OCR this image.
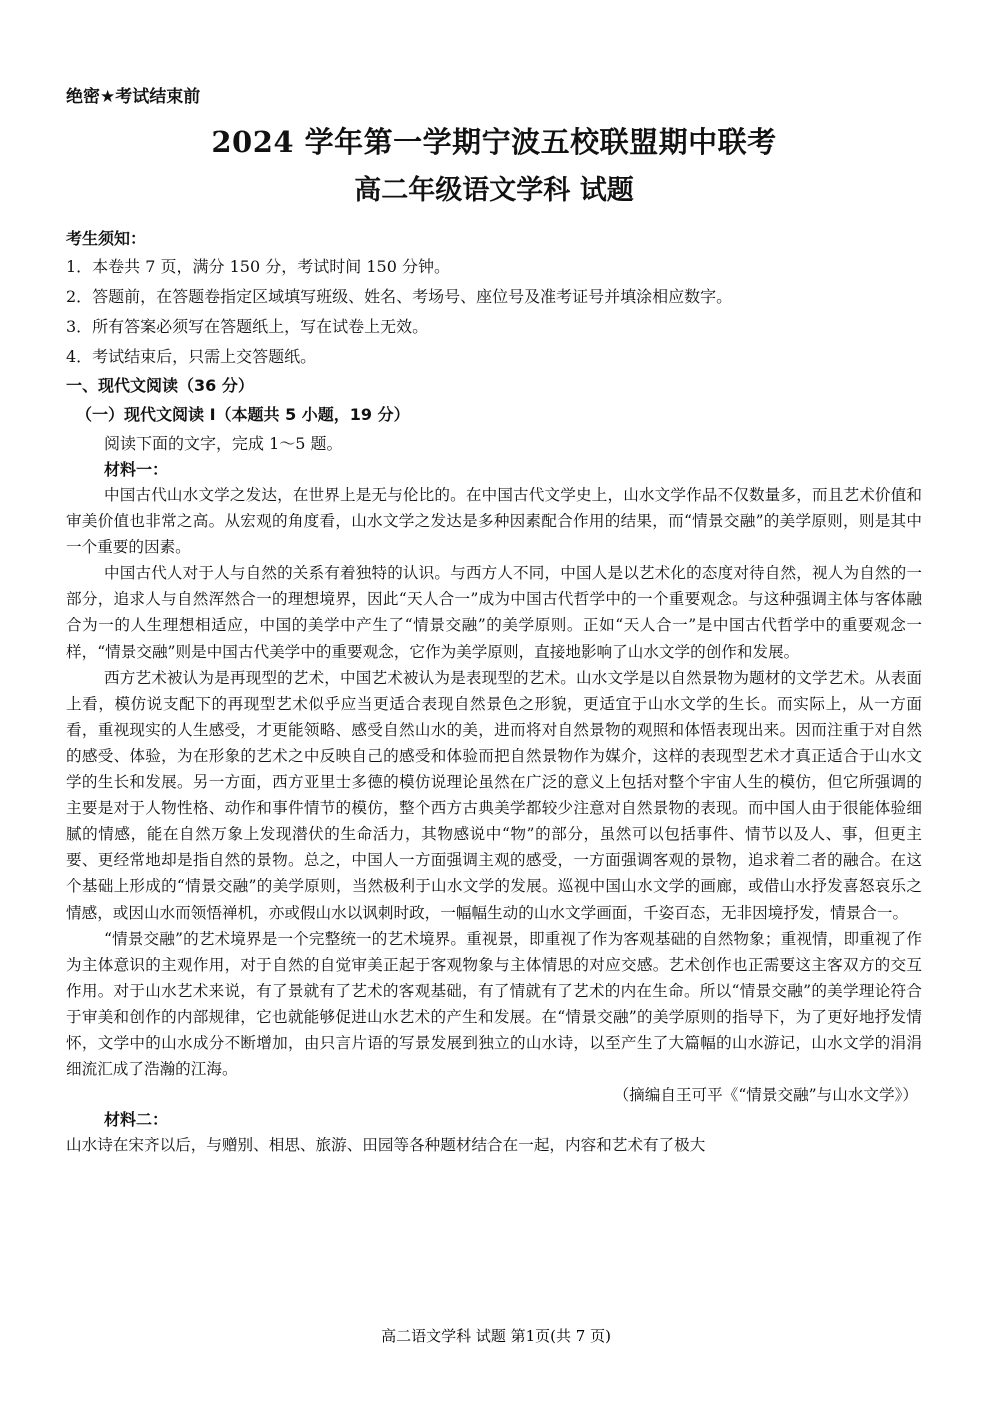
绝密★考试结束前
2024 学年第一学期宁波五校联盟期中联考
高二年级语文学科 试题
考生须知：
1．本卷共 7 页，满分 150 分，考试时间 150 分钟。
2．答题前，在答题卷指定区域填写班级、姓名、考场号、座位号及准考证号并填涂相应数字。
3．所有答案必须写在答题纸上，写在试卷上无效。
4．考试结束后，只需上交答题纸。
一、现代文阅读（36 分）
（一）现代文阅读 I（本题共 5 小题，19 分）
阅读下面的文字，完成 1～5 题。
材料一：

中国古代山水文学之发达，在世界上是无与伦比的。在中国古代文学史上，山水文学作品不仅数量多，而且艺术价值和审美价值也非常之高。从宏观的角度看，山水文学之发达是多种因素配合作用的结果，而“情景交融”的美学原则，则是其中一个重要的因素。

中国古代人对于人与自然的关系有着独特的认识。与西方人不同，中国人是以艺术化的态度对待自然，视人为自然的一部分，追求人与自然浑然合一的理想境界，因此“天人合一”成为中国古代哲学中的一个重要观念。与这种强调主体与客体融合为一的人生理想相适应，中国的美学中产生了“情景交融”的美学原则。正如“天人合一”是中国古代哲学中的重要观念一样，“情景交融”则是中国古代美学中的重要观念，它作为美学原则，直接地影响了山水文学的创作和发展。

西方艺术被认为是再现型的艺术，中国艺术被认为是表现型的艺术。山水文学是以自然景物为题材的文学艺术。从表面上看，模仿说支配下的再现型艺术似乎应当更适合表现自然景色之形貌，更适宜于山水文学的生长。而实际上，从一方面看，重视现实的人生感受，才更能领略、感受自然山水的美，进而将对自然景物的观照和体悟表现出来。因而注重于对自然的感受、体验，为在形象的艺术之中反映自己的感受和体验而把自然景物作为媒介，这样的表现型艺术才真正适合于山水文学的生长和发展。另一方面，西方亚里士多德的模仿说理论虽然在广泛的意义上包括对整个宇宙人生的模仿，但它所强调的主要是对于人物性格、动作和事件情节的模仿，整个西方古典美学都较少注意对自然景物的表现。而中国人由于很能体验细腻的情感，能在自然万象上发现潜伏的生命活力，其物感说中“物”的部分，虽然可以包括事件、情节以及人、事，但更主要、更经常地却是指自然的景物。总之，中国人一方面强调主观的感受，一方面强调客观的景物，追求着二者的融合。在这个基础上形成的“情景交融”的美学原则，当然极利于山水文学的发展。巡视中国山水文学的画廊，或借山水抒发喜怒哀乐之情感，或因山水而领悟禅机，亦或假山水以讽刺时政，一幅幅生动的山水文学画面，千姿百态，无非因境抒发，情景合一。

“情景交融”的艺术境界是一个完整统一的艺术境界。重视景，即重视了作为客观基础的自然物象；重视情，即重视了作为主体意识的主观作用，对于自然的自觉审美正起于客观物象与主体情思的对应交感。艺术创作也正需要这主客双方的交互作用。对于山水艺术来说，有了景就有了艺术的客观基础，有了情就有了艺术的内在生命。所以“情景交融”的美学理论符合于审美和创作的内部规律，它也就能够促进山水艺术的产生和发展。在“情景交融”的美学原则的指导下，为了更好地抒发情怀，文学中的山水成分不断增加，由只言片语的写景发展到独立的山水诗，以至产生了大篇幅的山水游记，山水文学的涓涓细流汇成了浩瀚的江海。

（摘编自王可平《“情景交融”与山水文学》）
材料二：

山水诗在宋齐以后，与赠别、相思、旅游、田园等各种题材结合在一起，内容和艺术有了极大

高二语文学科 试题 第1页(共 7 页)
